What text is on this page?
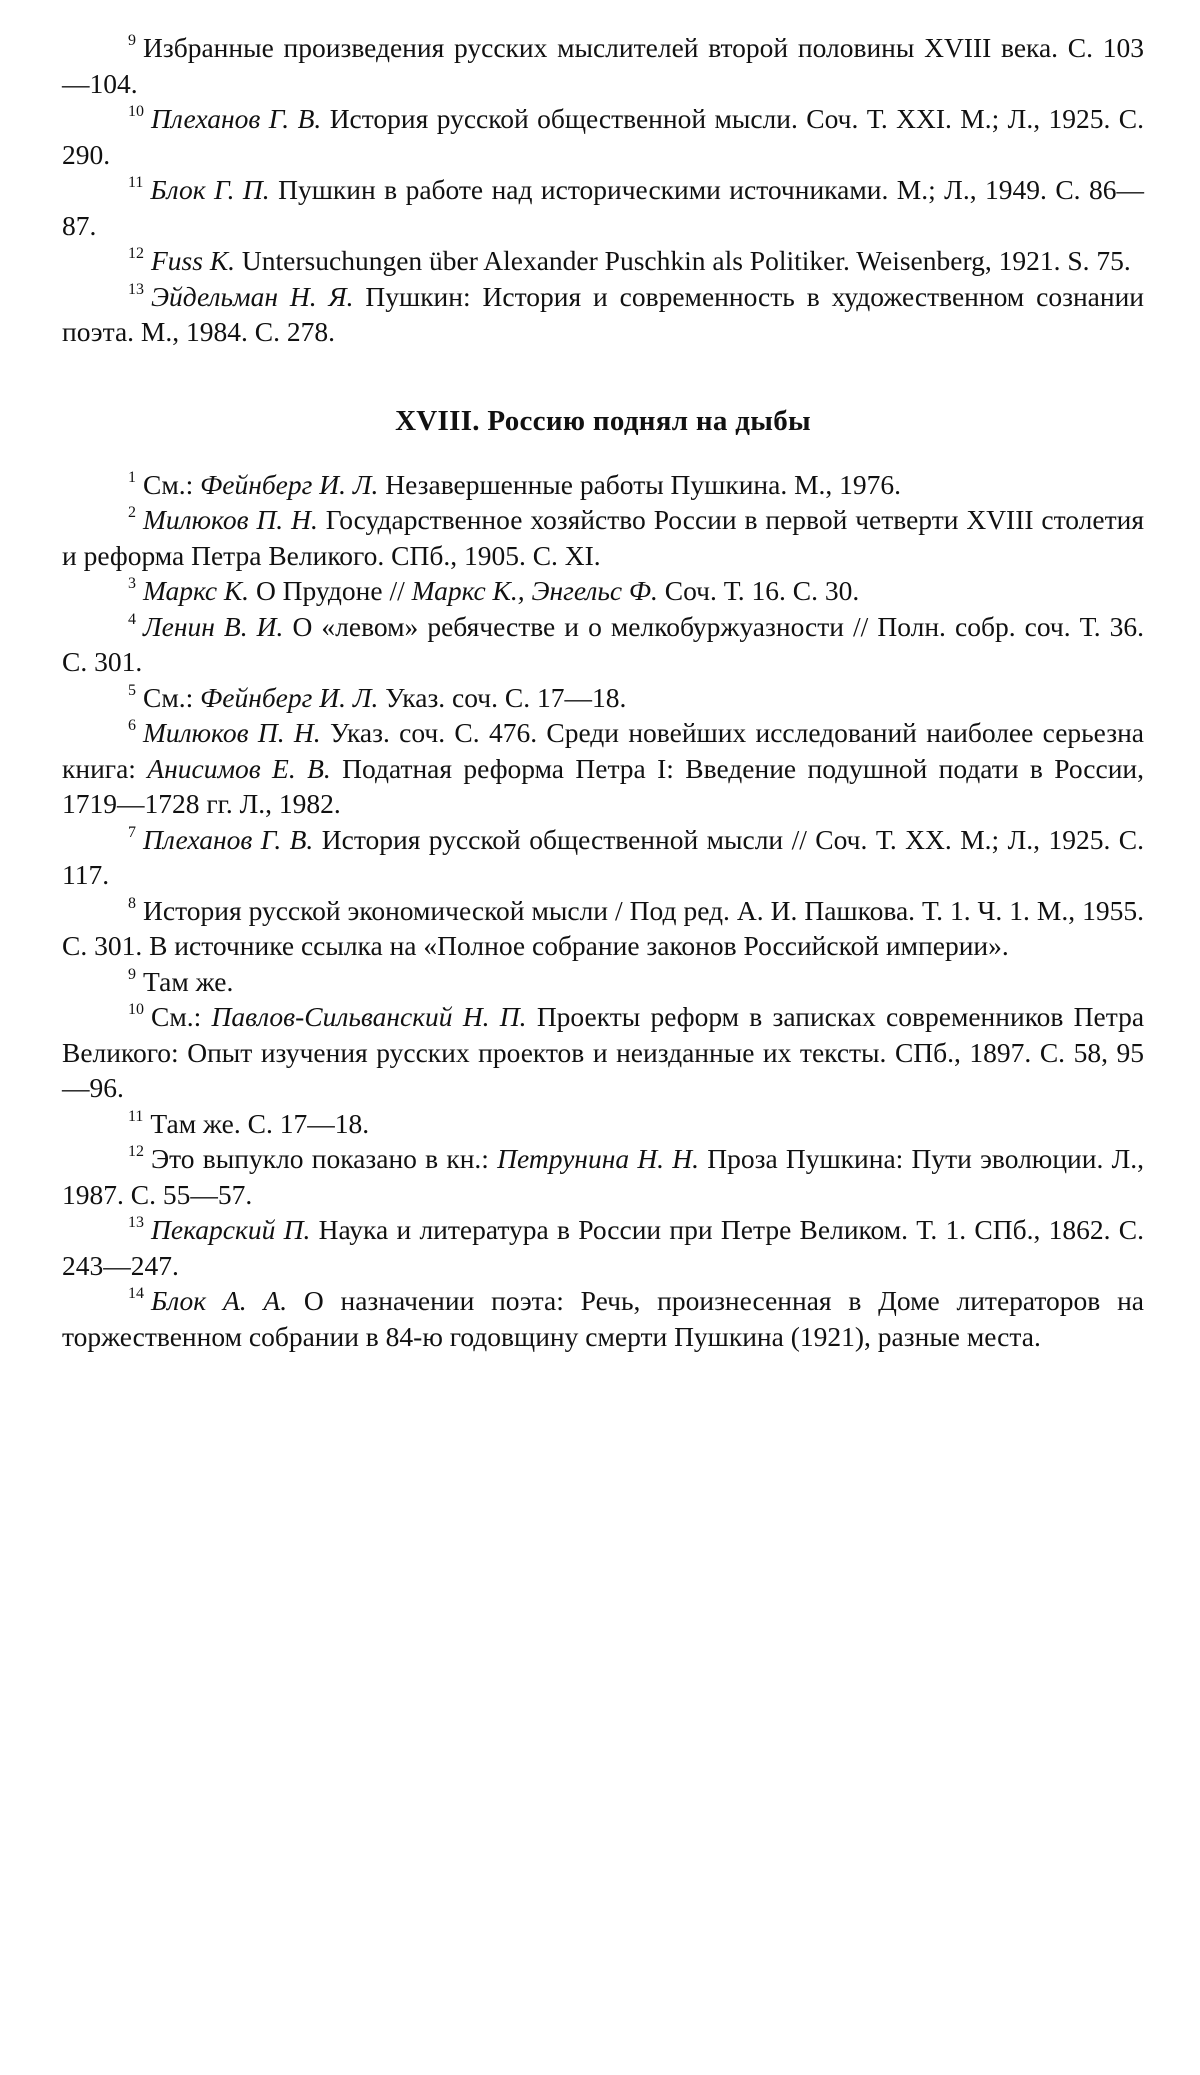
$^9$ Избранные произведения русских мыслителей второй половины XVIII века. С. 103—104.

$^{10}$ Плеханов Г. В. История русской общественной мысли. Соч. Т. XXI. М.; Л., 1925. С. 290.

$^{11}$ Блок Г. П. Пушкин в работе над историческими источниками. М.; Л., 1949. С. 86—87.

$^{12}$ Fuss K. Untersuchungen über Alexander Puschkin als Politiker. Weisenberg, 1921. S. 75.

$^{13}$ Эйдельман Н. Я. Пушкин: История и современность в художественном сознании поэта. М., 1984. С. 278.

XVIII. Россию поднял на дыбы

$^1$ См.: Фейнберг И. Л. Незавершенные работы Пушкина. М., 1976.

$^2$ Милюков П. Н. Государственное хозяйство России в первой четверти XVIII столетия и реформа Петра Великого. СПб., 1905. С. XI.

$^3$ Маркс К. О Прудоне // Маркс К., Энгельс Ф. Соч. Т. 16. С. 30.

$^4$ Ленин В. И. О «левом» ребячестве и о мелкобуржуазности // Полн. собр. соч. Т. 36. С. 301.

$^5$ См.: Фейнберг И. Л. Указ. соч. С. 17—18.

$^6$ Милюков П. Н. Указ. соч. С. 476. Среди новейших исследований наиболее серьезна книга: Анисимов Е. В. Податная реформа Петра I: Введение подушной подати в России, 1719—1728 гг. Л., 1982.

$^7$ Плеханов Г. В. История русской общественной мысли // Соч. Т. XX. М.; Л., 1925. С. 117.

$^8$ История русской экономической мысли / Под ред. А. И. Пашкова. Т. 1. Ч. 1. М., 1955. С. 301. В источнике ссылка на «Полное собрание законов Российской империи».

$^9$ Там же.

$^{10}$ См.: Павлов-Сильванский Н. П. Проекты реформ в записках современников Петра Великого: Опыт изучения русских проектов и неизданные их тексты. СПб., 1897. С. 58, 95—96.

$^{11}$ Там же. С. 17—18.

$^{12}$ Это выпукло показано в кн.: Петрунина Н. Н. Проза Пушкина: Пути эволюции. Л., 1987. С. 55—57.

$^{13}$ Пекарский П. Наука и литература в России при Петре Великом. Т. 1. СПб., 1862. С. 243—247.

$^{14}$ Блок А. А. О назначении поэта: Речь, произнесенная в Доме литераторов на торжественном собрании в 84-ю годовщину смерти Пушкина (1921), разные места.
